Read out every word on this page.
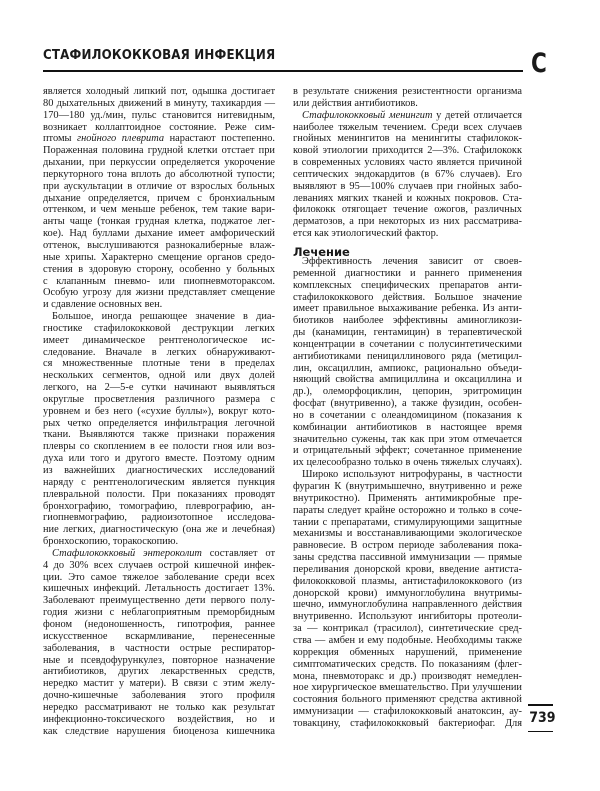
СТАФИЛОКОККОВАЯ ИНФЕКЦИЯ	С
является холодный липкий пот, одышка достигает
80 дыхательных движений в минуту, тахикардия —
170—180 уд./мин, пульс становится нитевидным,
возникает коллаптоидное состояние. Реже сим-
птомы гнойного плеврита нарастают постепенно.
Пораженная половина грудной клетки отстает при
дыхании, при перкуссии определяется укорочение
перкуторного тона вплоть до абсолютной тупости;
при аускультации в отличие от взрослых больных
дыхание определяется, причем с бронхиальным
оттенком, и чем меньше ребенок, тем такие вари-
анты чаще (тонкая грудная клетка, поджатое лег-
кое). Над буллами дыхание имеет амфорический
оттенок, выслушиваются разнокалиберные влаж-
ные хрипы. Характерно смещение органов средо-
стения в здоровую сторону, особенно у больных
с клапанным пневмо- или пиопневмотораксом.
Особую угрозу для жизни представляет смещение
и сдавление основных вен.
Большое, иногда решающее значение в диа-
гностике стафилококковой деструкции легких
имеет динамическое рентгенологическое ис-
следование. Вначале в легких обнаруживают-
ся множественные плотные тени в пределах
нескольких сегментов, одной или двух долей
легкого, на 2—5-е сутки начинают выявляться
округлые просветления различного размера с
уровнем и без него («сухие буллы»), вокруг кото-
рых четко определяется инфильтрация легочной
ткани. Выявляются также признаки поражения
плевры со скоплением в ее полости гноя или воз-
духа или того и другого вместе. Поэтому одним
из важнейших диагностических исследований
наряду с рентгенологическим является пункция
плевральной полости. При показаниях проводят
бронхографию, томографию, плеврографию, ан-
гиопневмографию, радиоизотопное исследова-
ние легких, диагностическую (она же и лечебная)
бронхоскопию, торакоскопию.
Стафилококковый энтероколит составляет от
4 до 30% всех случаев острой кишечной инфек-
ции. Это самое тяжелое заболевание среди всех
кишечных инфекций. Летальность достигает 13%.
Заболевают преимущественно дети первого полу-
годия жизни с неблагоприятным преморбидным
фоном (недоношенность, гипотрофия, раннее
искусственное вскармливание, перенесенные
заболевания, в частности острые респиратор-
ные и псевдофурункулез, повторное назначение
антибиотиков, других лекарственных средств,
нередко мастит у матери). В связи с этим желу-
дочно-кишечные заболевания этого профиля
нередко рассматривают не только как результат
инфекционно-токсического воздействия, но и
как следствие нарушения биоценоза кишечника
в результате снижения резистентности организма
или действия антибиотиков.
Стафилококковый менингит у детей отличается
наиболее тяжелым течением. Среди всех случаев
гнойных менингитов на менингиты стафилокок-
ковой этиологии приходится 2—3%. Стафилококк
в современных условиях часто является причиной
септических эндокардитов (в 67% случаев). Его
выявляют в 95—100% случаев при гнойных забо-
леваниях мягких тканей и кожных покровов. Ста-
филококк отягощает течение ожогов, различных
дерматозов, а при некоторых из них рассматрива-
ется как этиологический фактор.
Лечение
Эффективность лечения зависит от своев-
ременной диагностики и раннего применения
комплексных специфических препаратов анти-
стафилококкового действия. Большое значение
имеет правильное выхаживание ребенка. Из анти-
биотиков наиболее эффективны аминогликози-
ды (канамицин, гентамицин) в терапевтической
концентрации в сочетании с полусинтетическими
антибиотиками пенициллинового ряда (метицил-
лин, оксациллин, ампиокс, рационально объеди-
няющий свойства ампициллина и оксациллина и
др.), олеморфоциклин, цепорин, эритромицин
фосфат (внутривенно), а также фузидин, особен-
но в сочетании с олеандомицином (показания к
комбинации антибиотиков в настоящее время
значительно сужены, так как при этом отмечается
и отрицательный эффект; сочетанное применение
их целесообразно только в очень тяжелых случаях).
Широко используют нитрофураны, в частности
фурагин К (внутримышечно, внутривенно и реже
внутрикостно). Применять антимикробные пре-
параты следует крайне осторожно и только в соче-
тании с препаратами, стимулирующими защитные
механизмы и восстанавливающими экологическое
равновесие. В остром периоде заболевания пока-
заны средства пассивной иммунизации — прямые
переливания донорской крови, введение антиста-
филококковой плазмы, антистафилококкового (из
донорской крови) иммуноглобулина внутримы-
шечно, иммуноглобулина направленного действия
внутривенно. Используют ингибиторы протеоли-
за — контрикал (трасилол), синтетические сред-
ства — амбен и ему подобные. Необходимы также
коррекция обменных нарушений, применение
симптоматических средств. По показаниям (флег-
мона, пневмоторакс и др.) производят немедлен-
ное хирургическое вмешательство. При улучшении
состояния больного применяют средства активной
иммунизации — стафилококковый анатоксин, ау-
товакцину, стафилококковый бактериофаг. Для 739
